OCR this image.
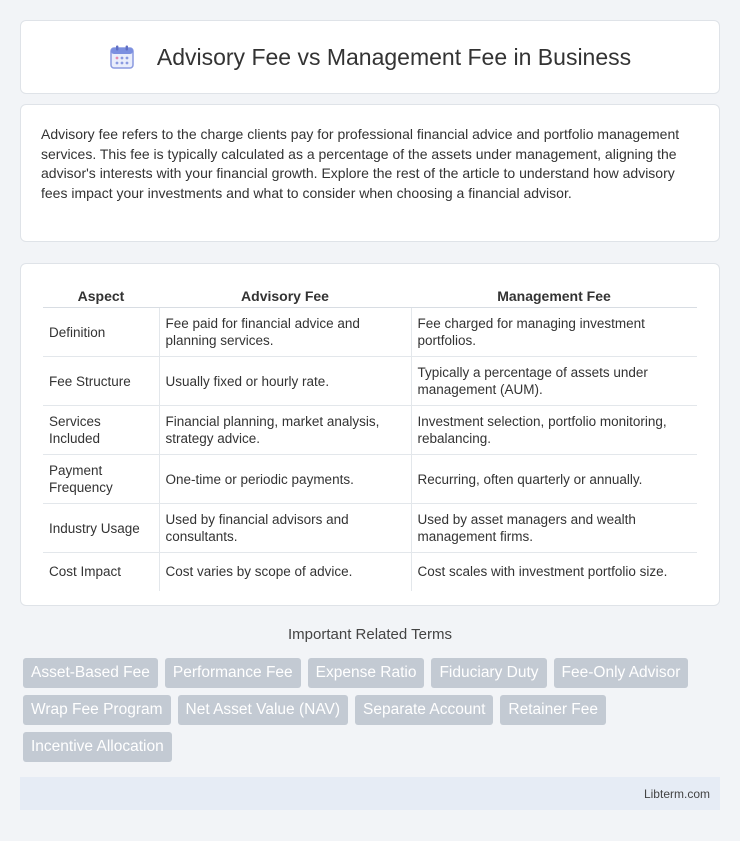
Advisory Fee vs Management Fee in Business

Advisory fee refers to the charge clients pay for professional financial advice and portfolio management services. This fee is typically calculated as a percentage of the assets under management, aligning the advisor's interests with your financial growth. Explore the rest of the article to understand how advisory fees impact your investments and what to consider when choosing a financial advisor.

Aspect	Advisory Fee	Management Fee
Definition	Fee paid for financial advice and planning services.	Fee charged for managing investment portfolios.
Fee Structure	Usually fixed or hourly rate.	Typically a percentage of assets under management (AUM).
Services Included	Financial planning, market analysis, strategy advice.	Investment selection, portfolio monitoring, rebalancing.
Payment Frequency	One-time or periodic payments.	Recurring, often quarterly or annually.
Industry Usage	Used by financial advisors and consultants.	Used by asset managers and wealth management firms.
Cost Impact	Cost varies by scope of advice.	Cost scales with investment portfolio size.
Important Related Terms
Asset-Based Fee	Performance Fee	Expense Ratio	Fiduciary Duty	Fee-Only Advisor
Wrap Fee Program	Net Asset Value (NAV)	Separate Account	Retainer Fee
Incentive Allocation
Libterm.com
